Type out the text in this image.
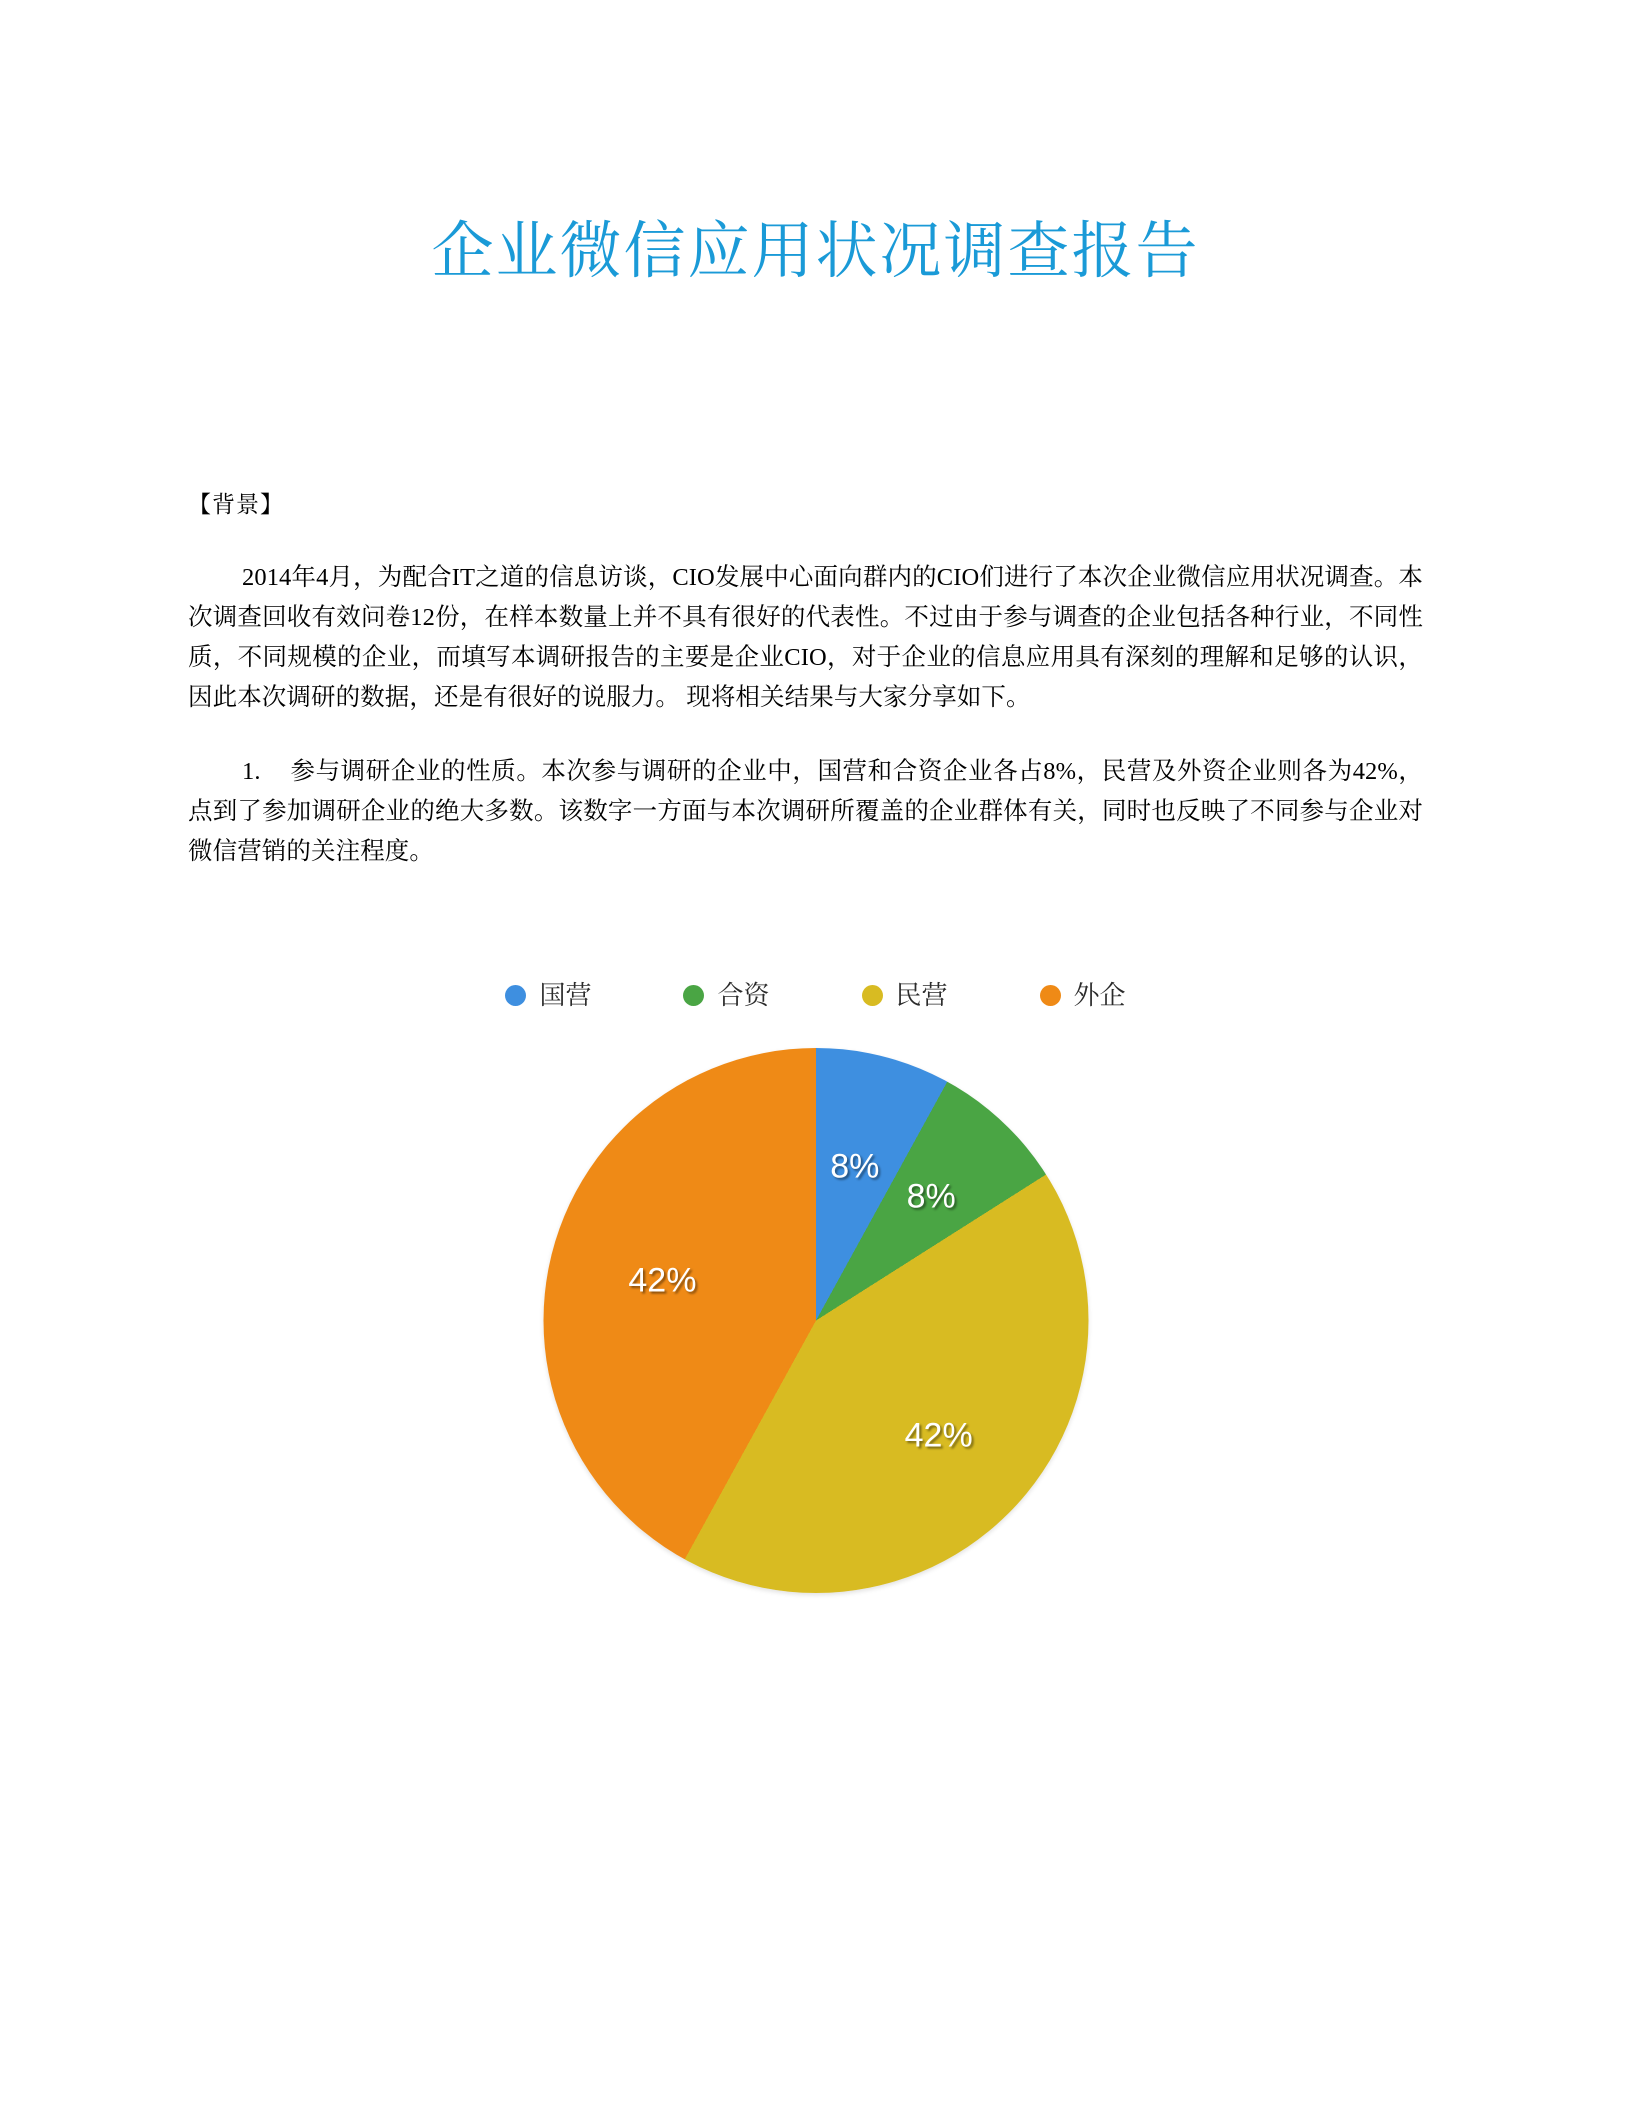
企业微信应用状况调查报告

【背景】

2014年4月，为配合IT之道的信息访谈，CIO发展中心面向群内的CIO们进行了本次企业微信应用状况调查。本次调查回收有效问卷12份，在样本数量上并不具有很好的代表性。不过由于参与调查的企业包括各种行业，不同性质，不同规模的企业，而填写本调研报告的主要是企业CIO，对于企业的信息应用具有深刻的理解和足够的认识，因此本次调研的数据，还是有很好的说服力。 现将相关结果与大家分享如下。

1. 参与调研企业的性质。本次参与调研的企业中，国营和合资企业各占8%，民营及外资企业则各为42%，点到了参加调研企业的绝大多数。该数字一方面与本次调研所覆盖的企业群体有关，同时也反映了不同参与企业对微信营销的关注程度。

国营	合资	民营	外企
8%
8%
42%
42%
